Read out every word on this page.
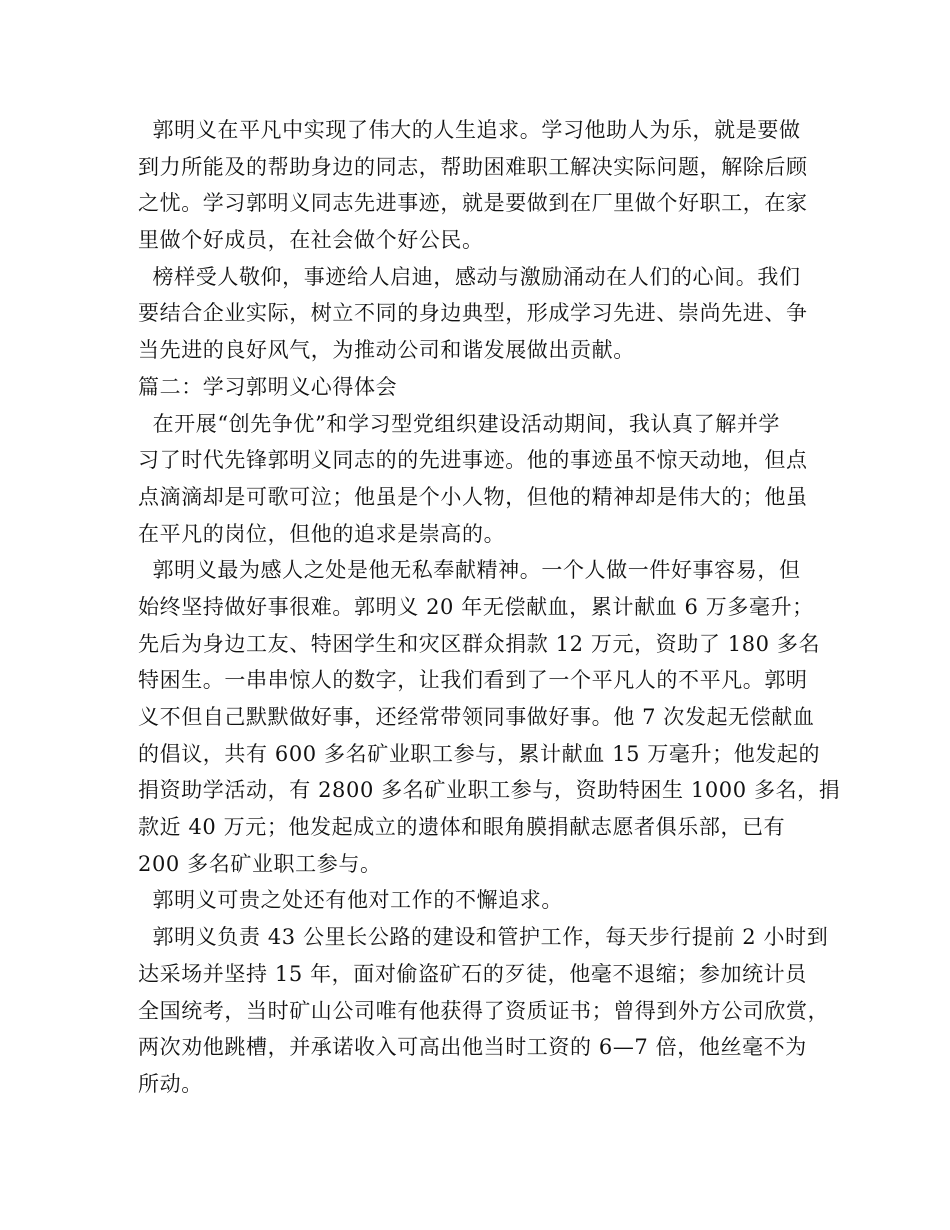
郭明义在平凡中实现了伟大的人生追求。学习他助人为乐，就是要做
到力所能及的帮助身边的同志，帮助困难职工解决实际问题，解除后顾
之忧。学习郭明义同志先进事迹，就是要做到在厂里做个好职工，在家
里做个好成员，在社会做个好公民。
榜样受人敬仰，事迹给人启迪，感动与激励涌动在人们的心间。我们
要结合企业实际，树立不同的身边典型，形成学习先进、崇尚先进、争
当先进的良好风气，为推动公司和谐发展做出贡献。
篇二：学习郭明义心得体会
在开展“创先争优”和学习型党组织建设活动期间，我认真了解并学
习了时代先锋郭明义同志的的先进事迹。他的事迹虽不惊天动地，但点
点滴滴却是可歌可泣；他虽是个小人物，但他的精神却是伟大的；他虽
在平凡的岗位，但他的追求是崇高的。
郭明义最为感人之处是他无私奉献精神。一个人做一件好事容易，但
始终坚持做好事很难。郭明义 20 年无偿献血，累计献血 6 万多毫升；
先后为身边工友、特困学生和灾区群众捐款 12 万元，资助了 180 多名
特困生。一串串惊人的数字，让我们看到了一个平凡人的不平凡。郭明
义不但自己默默做好事，还经常带领同事做好事。他 7 次发起无偿献血
的倡议，共有 600 多名矿业职工参与，累计献血 15 万毫升；他发起的
捐资助学活动，有 2800 多名矿业职工参与，资助特困生 1000 多名，捐
款近 40 万元；他发起成立的遗体和眼角膜捐献志愿者俱乐部，已有
200 多名矿业职工参与。
郭明义可贵之处还有他对工作的不懈追求。
郭明义负责 43 公里长公路的建设和管护工作，每天步行提前 2 小时到
达采场并坚持 15 年，面对偷盗矿石的歹徒，他毫不退缩；参加统计员
全国统考，当时矿山公司唯有他获得了资质证书；曾得到外方公司欣赏，
两次劝他跳槽，并承诺收入可高出他当时工资的 6—7 倍，他丝毫不为
所动。
